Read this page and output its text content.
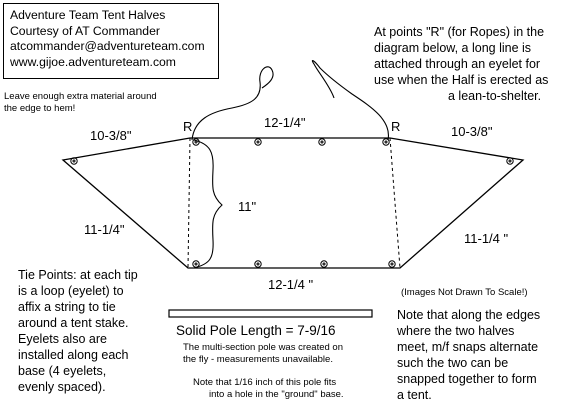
Adventure Team Tent Halves
Courtesy of AT Commander
atcommander@adventureteam.com
www.gijoe.adventureteam.com
At points "R" (for Ropes) in the
diagram below, a long line is
attached through an eyelet for
use when the Half is erected as
a lean-to-shelter.
Leave enough extra material around
the edge to hem!
R	R
10-3/8"
12-1/4"
10-3/8"
11-1/4"
11-1/4 "
11"
12-1/4 "
Tie Points: at each tip
is a loop (eyelet) to
affix a string to tie
around a tent stake.
Eyelets also are
installed along each
base (4 eyelets,
evenly spaced).
Solid Pole Length = 7-9/16
The multi-section pole was created on
the fly - measurements unavailable.
Note that 1/16 inch of this pole fits
into a hole in the "ground" base.
(Images Not Drawn To Scale!)
Note that along the edges
where the two halves
meet, m/f snaps alternate
such the two can be
snapped together to form
a tent.
